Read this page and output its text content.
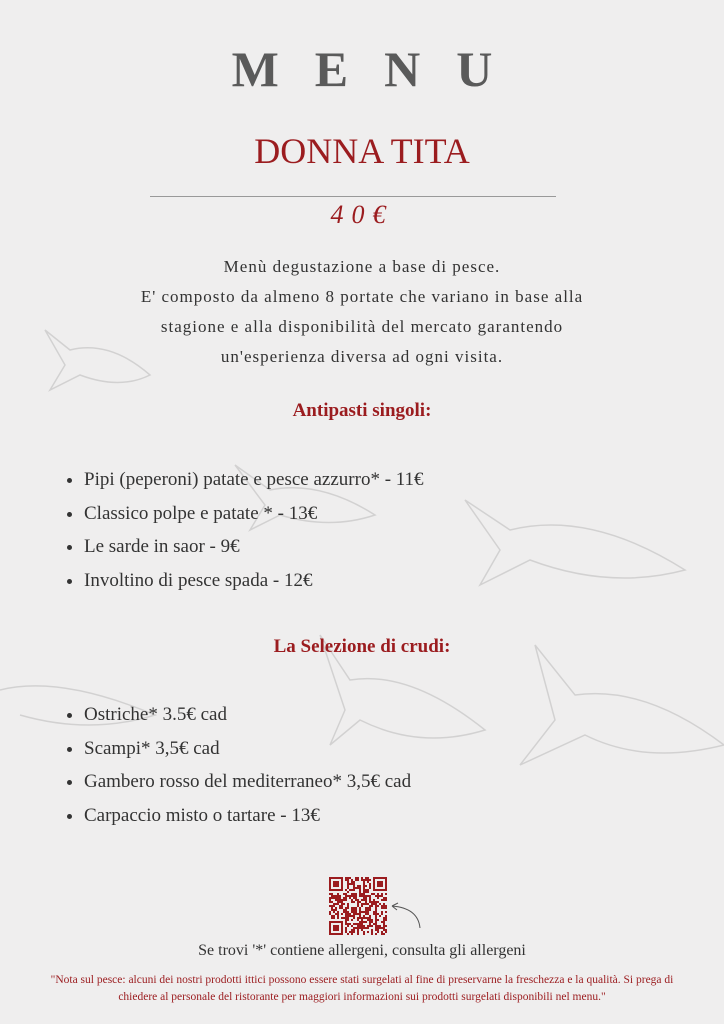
MENU
DONNA TITA
40€
Menù degustazione a base di pesce.
E' composto da almeno 8 portate che variano in base alla
stagione e alla disponibilità del mercato garantendo
un'esperienza diversa ad ogni visita.
Antipasti singoli:
• Pipi (peperoni) patate e pesce azzurro* - 11€
• Classico polpe e patate * - 13€
• Le sarde in saor - 9€
• Involtino di pesce spada - 12€
La Selezione di crudi:
• Ostriche* 3.5€ cad
• Scampi* 3,5€ cad
• Gambero rosso del mediterraneo* 3,5€ cad
• Carpaccio misto o tartare - 13€
Se trovi '*' contiene allergeni, consulta gli allergeni
"Nota sul pesce: alcuni dei nostri prodotti ittici possono essere stati surgelati al fine di preservarne la freschezza e la qualità. Si prega di chiedere al personale del ristorante per maggiori informazioni sui prodotti surgelati disponibili nel menu."
